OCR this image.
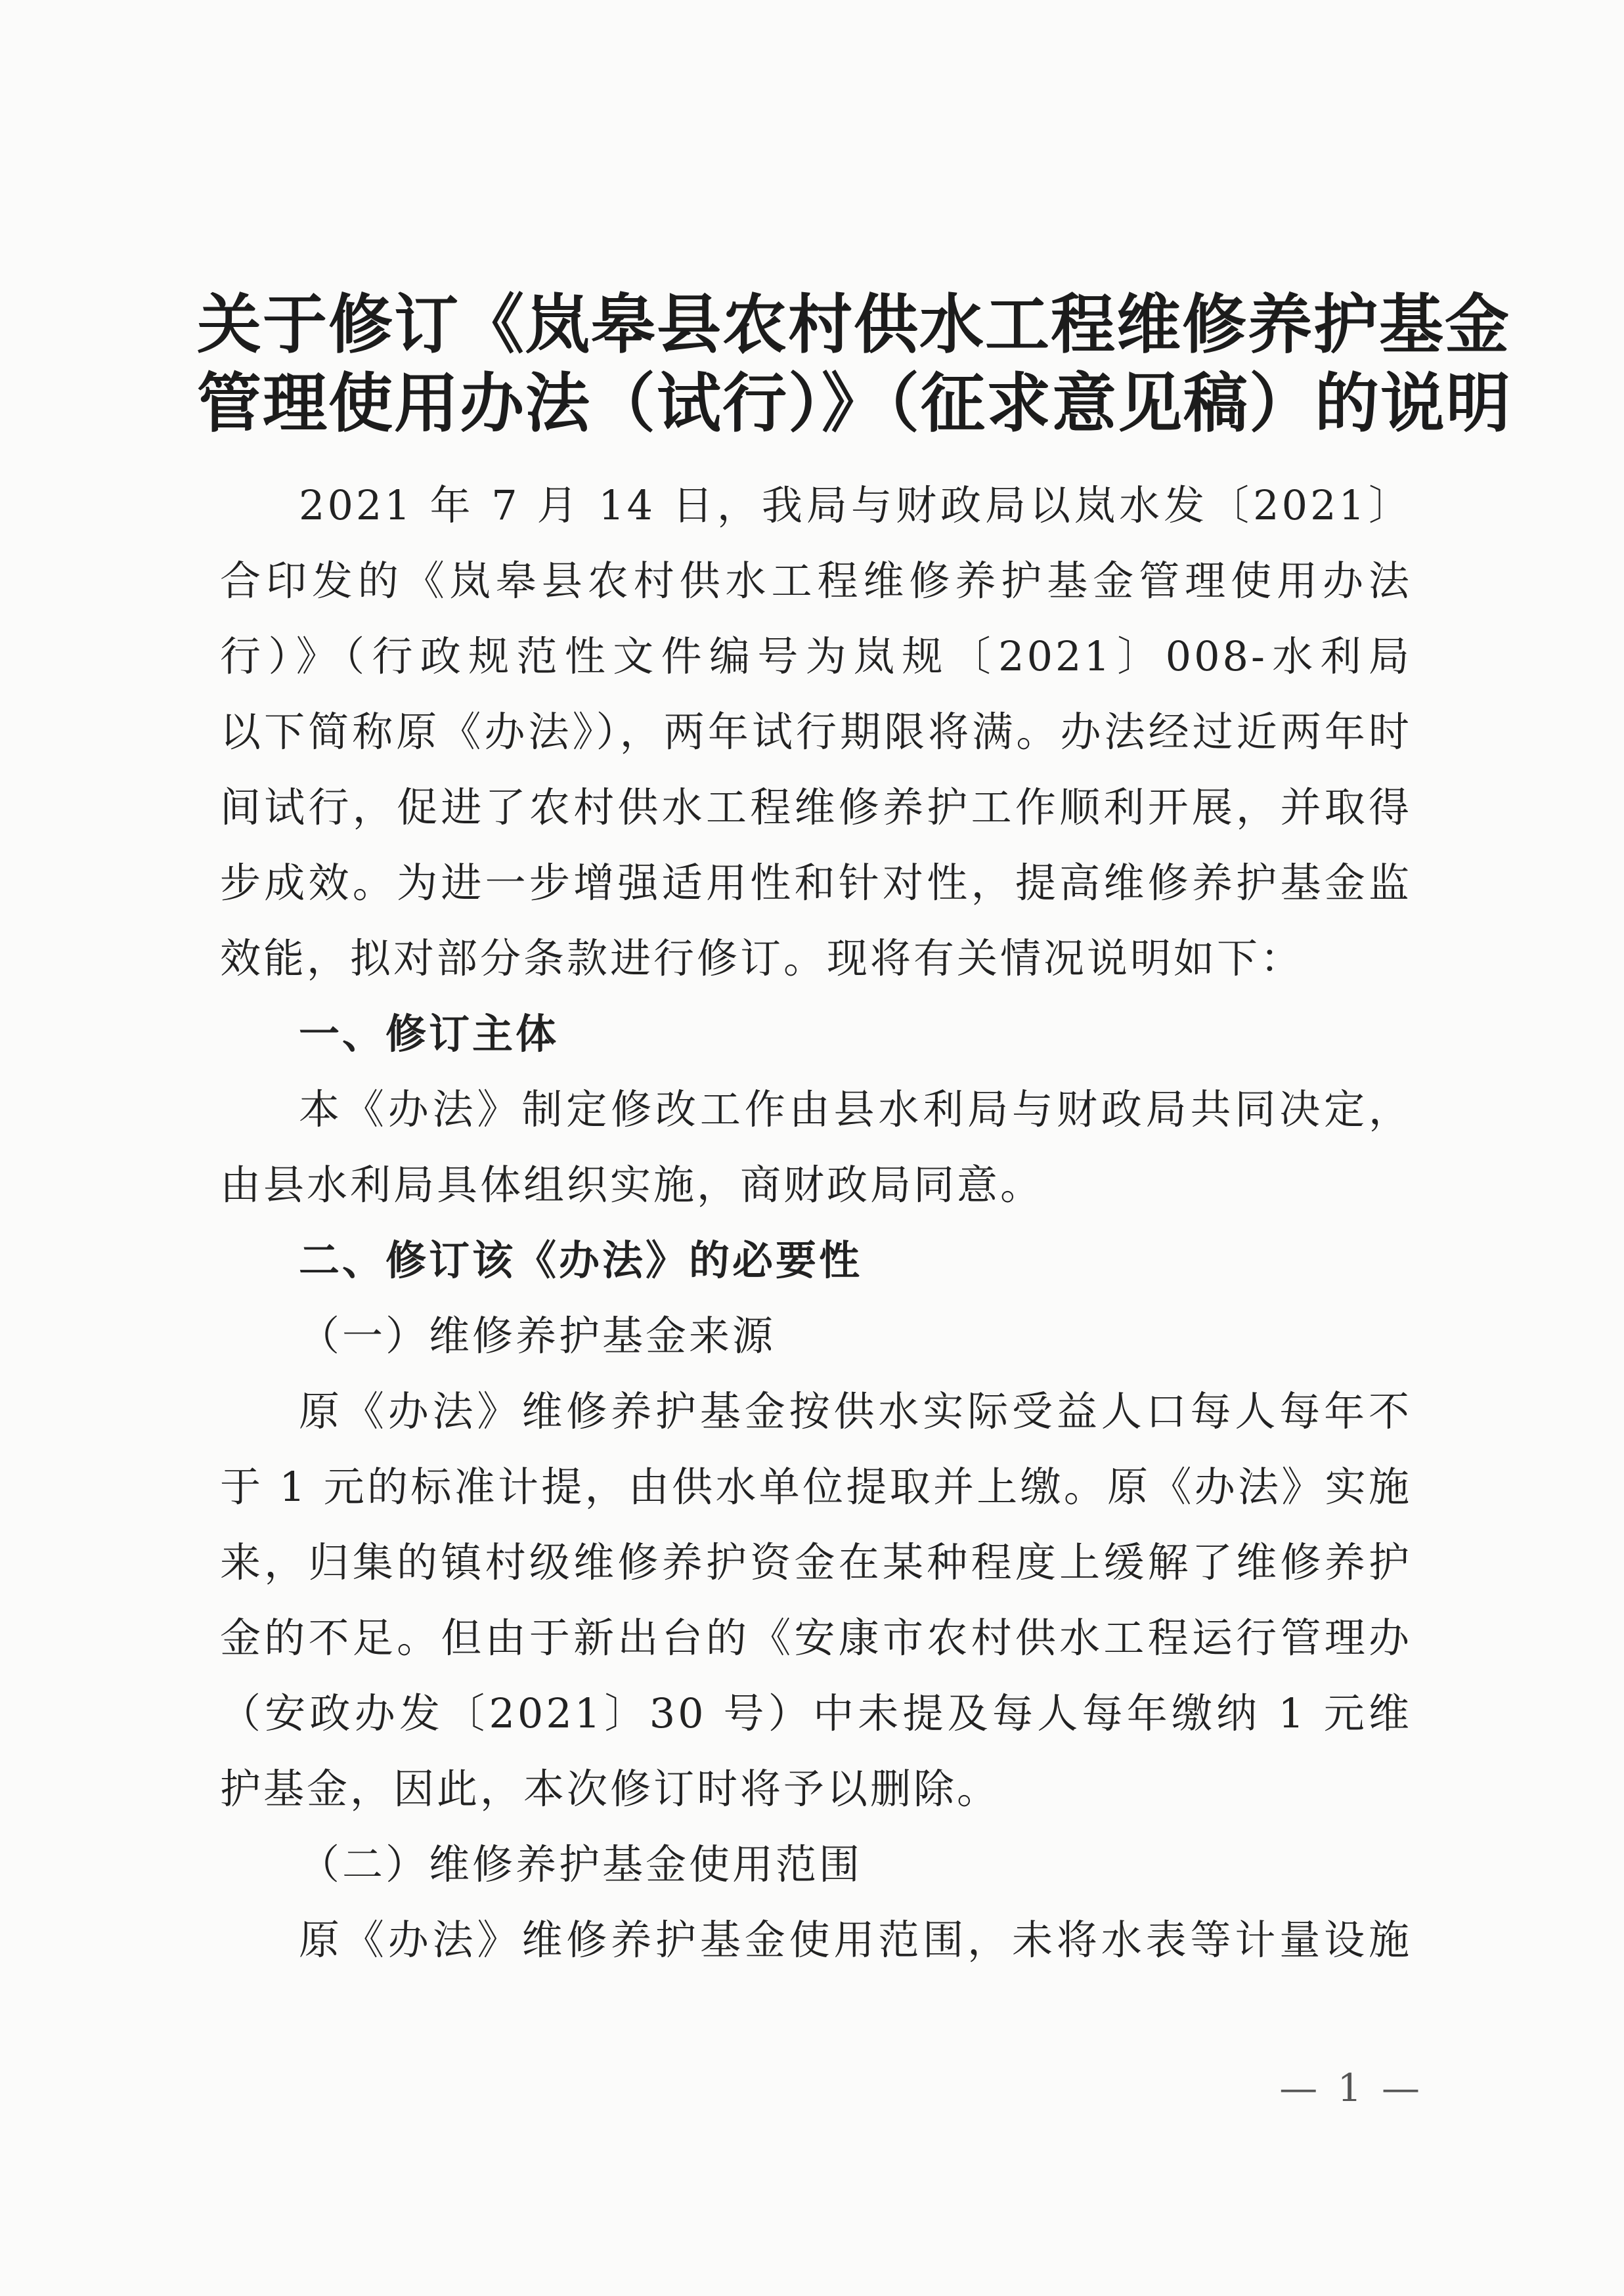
关于修订《岚皋县农村供水工程维修养护基金
管理使用办法（试行）》（征求意见稿）的说明
2021 年 7 月 14 日，我局与财政局以岚水发〔2021〕
合印发的《岚皋县农村供水工程维修养护基金管理使用办法
行）》（行政规范性文件编号为岚规〔2021〕008-水利局
以下简称原《办法》），两年试行期限将满。办法经过近两年时
间试行，促进了农村供水工程维修养护工作顺利开展，并取得
步成效。为进一步增强适用性和针对性，提高维修养护基金监
效能，拟对部分条款进行修订。现将有关情况说明如下：
一、修订主体
本《办法》制定修改工作由县水利局与财政局共同决定，
由县水利局具体组织实施，商财政局同意。
二、修订该《办法》的必要性
（一）维修养护基金来源
原《办法》维修养护基金按供水实际受益人口每人每年不
于 1 元的标准计提，由供水单位提取并上缴。原《办法》实施
来，归集的镇村级维修养护资金在某种程度上缓解了维修养护
金的不足。但由于新出台的《安康市农村供水工程运行管理办
（安政办发〔2021〕30 号）中未提及每人每年缴纳 1 元维
护基金，因此，本次修订时将予以删除。
（二）维修养护基金使用范围
原《办法》维修养护基金使用范围，未将水表等计量设施
— 1 —
